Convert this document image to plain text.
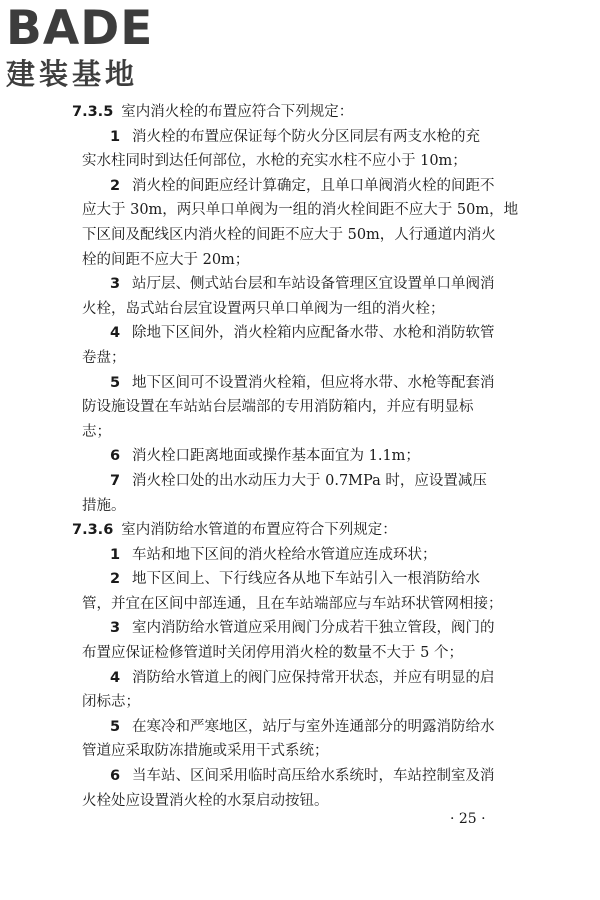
BADE
建装基地
7.3.5 室内消火栓的布置应符合下列规定：
1 消火栓的布置应保证每个防火分区同层有两支水枪的充
实水柱同时到达任何部位，水枪的充实水柱不应小于 10m；
2 消火栓的间距应经计算确定，且单口单阀消火栓的间距不
应大于 30m，两只单口单阀为一组的消火栓间距不应大于 50m，地
下区间及配线区内消火栓的间距不应大于 50m，人行通道内消火
栓的间距不应大于 20m；
3 站厅层、侧式站台层和车站设备管理区宜设置单口单阀消
火栓，岛式站台层宜设置两只单口单阀为一组的消火栓；
4 除地下区间外，消火栓箱内应配备水带、水枪和消防软管
卷盘；
5 地下区间可不设置消火栓箱，但应将水带、水枪等配套消
防设施设置在车站站台层端部的专用消防箱内，并应有明显标
志；
6 消火栓口距离地面或操作基本面宜为 1.1m；
7 消火栓口处的出水动压力大于 0.7MPa 时，应设置减压
措施。
7.3.6 室内消防给水管道的布置应符合下列规定：
1 车站和地下区间的消火栓给水管道应连成环状；
2 地下区间上、下行线应各从地下车站引入一根消防给水
管，并宜在区间中部连通，且在车站端部应与车站环状管网相接；
3 室内消防给水管道应采用阀门分成若干独立管段，阀门的
布置应保证检修管道时关闭停用消火栓的数量不大于 5 个；
4 消防给水管道上的阀门应保持常开状态，并应有明显的启
闭标志；
5 在寒冷和严寒地区，站厅与室外连通部分的明露消防给水
管道应采取防冻措施或采用干式系统；
6 当车站、区间采用临时高压给水系统时，车站控制室及消
火栓处应设置消火栓的水泵启动按钮。
· 25 ·
